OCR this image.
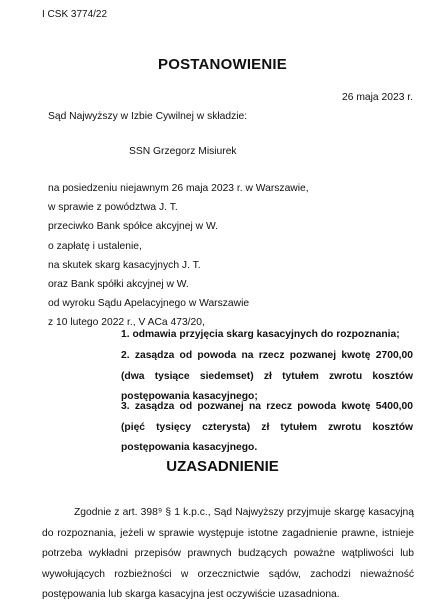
I CSK 3774/22
POSTANOWIENIE
26 maja 2023 r.
Sąd Najwyższy w Izbie Cywilnej w składzie:
SSN Grzegorz Misiurek
na posiedzeniu niejawnym 26 maja 2023 r. w Warszawie,
w sprawie z powództwa J. T.
przeciwko Bank spółce akcyjnej w W.
o zapłatę i ustalenie,
na skutek skarg kasacyjnych J. T.
oraz Bank spółki akcyjnej w W.
od wyroku Sądu Apelacyjnego w Warszawie
z 10 lutego 2022 r., V ACa 473/20,
1. odmawia przyjęcia skarg kasacyjnych do rozpoznania;
2. zasądza od powoda na rzecz pozwanej kwotę 2700,00 (dwa tysiące siedemset) zł tytułem zwrotu kosztów postępowania kasacyjnego;
3. zasądza od pozwanej na rzecz powoda kwotę 5400,00 (pięć tysięcy czterysta) zł tytułem zwrotu kosztów postępowania kasacyjnego.
UZASADNIENIE

Zgodnie z art. 398⁹ § 1 k.p.c., Sąd Najwyższy przyjmuje skargę kasacyjną do rozpoznania, jeżeli w sprawie występuje istotne zagadnienie prawne, istnieje potrzeba wykładni przepisów prawnych budzących poważne wątpliwości lub wywołujących rozbieżności w orzecznictwie sądów, zachodzi nieważność postępowania lub skarga kasacyjna jest oczywiście uzasadniona.
